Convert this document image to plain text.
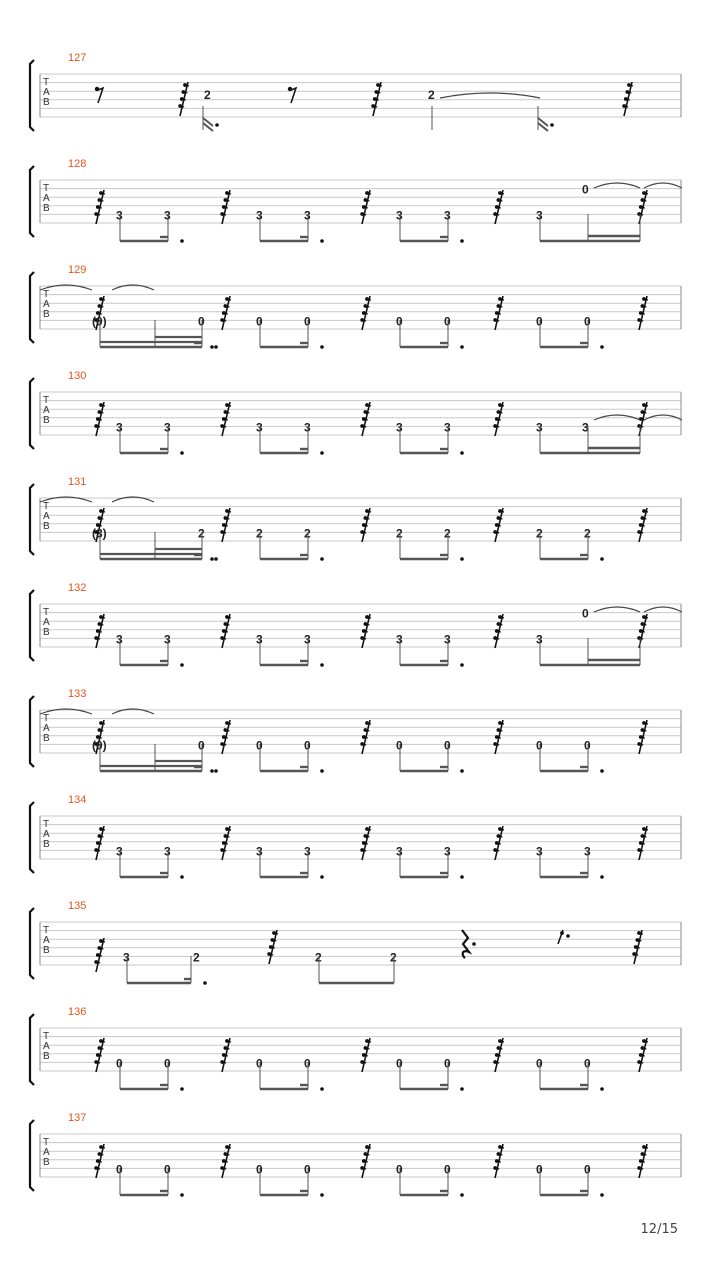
T
A
B
127
2	2
T
A
B
128
3	3	3	3	3	3	3
0
T
A
B
129
(0)	0	0	0	0	0	0	0
T
A
B
130
3	3	3	3	3	3	3	3
T
A
B
131
(3)	2	2	2	2	2	2	2
T
A
B
132
3	3	3	3	3	3	3
0
T
A
B
133
(0)	0	0	0	0	0	0	0
T
A
B
134
3	3	3	3	3	3	3	3
T
A
B
135
3	2	2	2
T
A
B
136
0	0	0	0	0	0	0	0
T
A
B
137
0	0	0	0	0	0	0	0
12/15
